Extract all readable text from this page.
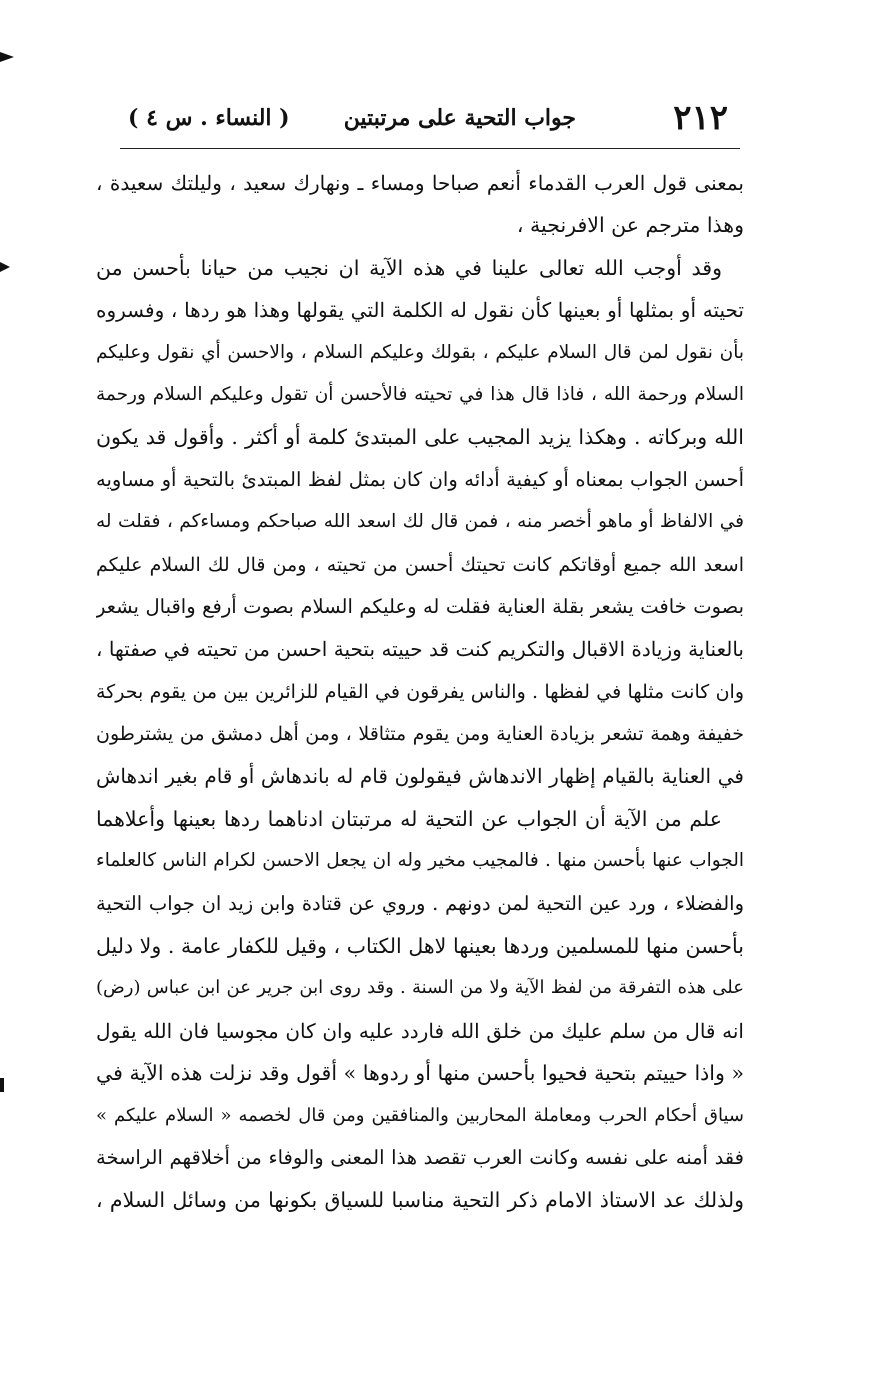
٢١٢
جواب التحية على مرتبتين
( النساء . س ٤ )
بمعنى قول العرب القدماء أنعم صباحا ومساء ـ ونهارك سعيد ، وليلتك سعيدة ،
وهذا مترجم عن الافرنجية ،
وقد أوجب الله تعالى علينا في هذه الآية ان نجيب من حيانا بأحسن من
تحيته أو بمثلها أو بعينها كأن نقول له الكلمة التي يقولها وهذا هو ردها ، وفسروه
بأن نقول لمن قال السلام عليكم ، بقولك وعليكم السلام ، والاحسن أي نقول وعليكم
السلام ورحمة الله ، فاذا قال هذا في تحيته فالأحسن أن تقول وعليكم السلام ورحمة
الله وبركاته . وهكذا يزيد المجيب على المبتدئ كلمة أو أكثر . وأقول قد يكون
أحسن الجواب بمعناه أو كيفية أدائه وان كان بمثل لفظ المبتدئ بالتحية أو مساويه
في الالفاظ أو ماهو أخصر منه ، فمن قال لك اسعد الله صباحكم ومساءكم ، فقلت له
اسعد الله جميع أوقاتكم كانت تحيتك أحسن من تحيته ، ومن قال لك السلام عليكم
بصوت خافت يشعر بقلة العناية فقلت له وعليكم السلام بصوت أرفع واقبال يشعر
بالعناية وزيادة الاقبال والتكريم كنت قد حييته بتحية احسن من تحيته في صفتها ،
وان كانت مثلها في لفظها . والناس يفرقون في القيام للزائرين بين من يقوم بحركة
خفيفة وهمة تشعر بزيادة العناية ومن يقوم متثاقلا ، ومن أهل دمشق من يشترطون
في العناية بالقيام إظهار الاندهاش فيقولون قام له باندهاش أو قام بغير اندهاش
علم من الآية أن الجواب عن التحية له مرتبتان ادناهما ردها بعينها وأعلاهما
الجواب عنها بأحسن منها . فالمجيب مخير وله ان يجعل الاحسن لكرام الناس كالعلماء
والفضلاء ، ورد عين التحية لمن دونهم . وروي عن قتادة وابن زيد ان جواب التحية
بأحسن منها للمسلمين وردها بعينها لاهل الكتاب ، وقيل للكفار عامة . ولا دليل
على هذه التفرقة من لفظ الآية ولا من السنة . وقد روى ابن جرير عن ابن عباس (رض)
انه قال من سلم عليك من خلق الله فاردد عليه وان كان مجوسيا فان الله يقول
« واذا حييتم بتحية فحيوا بأحسن منها أو ردوها » أقول وقد نزلت هذه الآية في
سياق أحكام الحرب ومعاملة المحاربين والمنافقين ومن قال لخصمه « السلام عليكم »
فقد أمنه على نفسه وكانت العرب تقصد هذا المعنى والوفاء من أخلاقهم الراسخة
ولذلك عد الاستاذ الامام ذكر التحية مناسبا للسياق بكونها من وسائل السلام ،
